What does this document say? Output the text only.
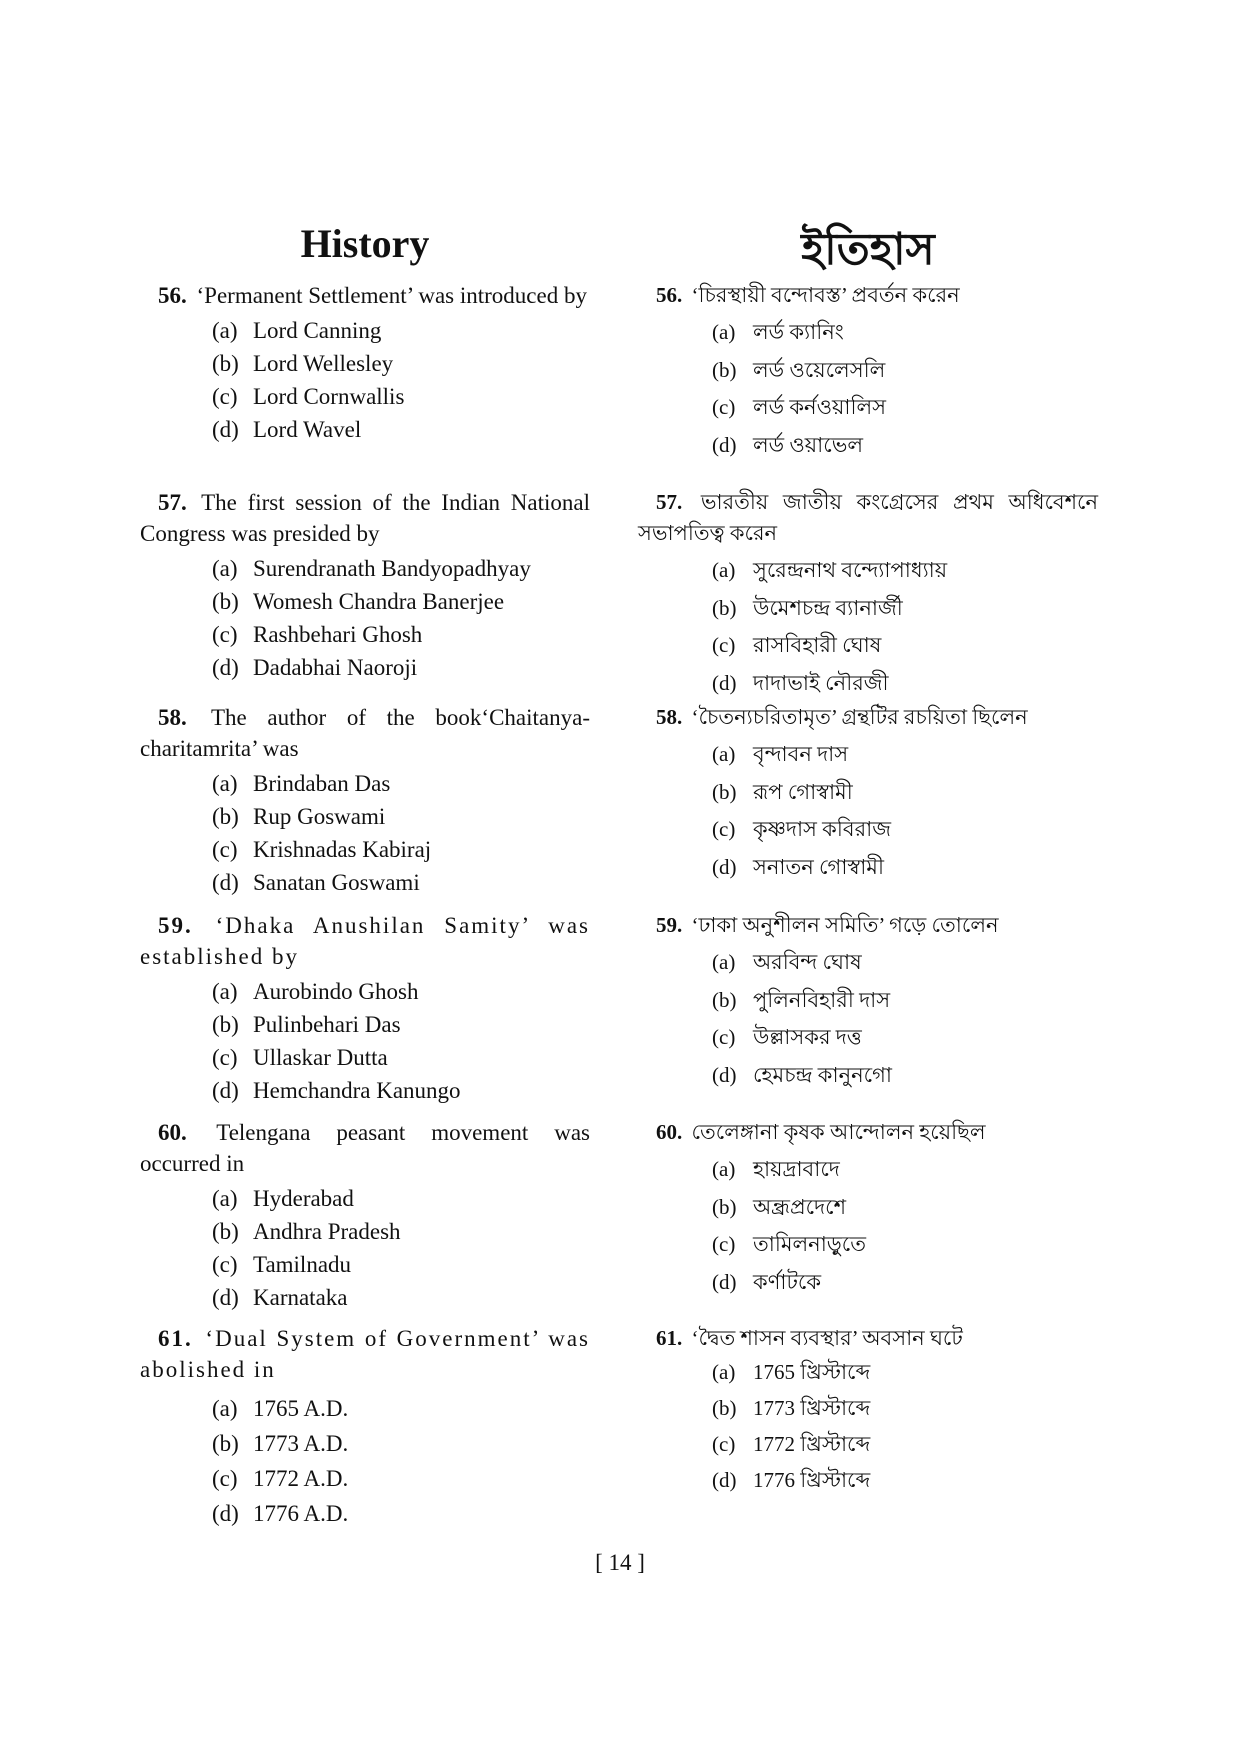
History

56. ‘Permanent Settlement’ was introduced by

(a) Lord Canning
(b) Lord Wellesley
(c) Lord Cornwallis
(d) Lord Wavel

57. The first session of the Indian National Congress was presided by

(a) Surendranath Bandyopadhyay
(b) Womesh Chandra Banerjee
(c) Rashbehari Ghosh
(d) Dadabhai Naoroji

58. The author of the book‘Chaitanya-charitamrita’ was

(a) Brindaban Das
(b) Rup Goswami
(c) Krishnadas Kabiraj
(d) Sanatan Goswami

59. ‘Dhaka Anushilan Samity’ was established by

(a) Aurobindo Ghosh
(b) Pulinbehari Das
(c) Ullaskar Dutta
(d) Hemchandra Kanungo

60. Telengana peasant movement was occurred in

(a) Hyderabad
(b) Andhra Pradesh
(c) Tamilnadu
(d) Karnataka

61. ‘Dual System of Government’ was abolished in

(a) 1765 A.D.
(b) 1773 A.D.
(c) 1772 A.D.
(d) 1776 A.D.
ইতিহাস

56. ‘চিরস্থায়ী বন্দোবস্ত’ প্রবর্তন করেন

(a) লর্ড ক্যানিং
(b) লর্ড ওয়েলেসলি
(c) লর্ড কর্নওয়ালিস
(d) লর্ড ওয়াভেল

57. ভারতীয় জাতীয় কংগ্রেসের প্রথম অধিবেশনে সভাপতিত্ব করেন

(a) সুরেন্দ্রনাথ বন্দ্যোপাধ্যায়
(b) উমেশচন্দ্র ব্যানার্জী
(c) রাসবিহারী ঘোষ
(d) দাদাভাই নৌরজী

58. ‘চৈতন্যচরিতামৃত’ গ্রন্থটির রচয়িতা ছিলেন

(a) বৃন্দাবন দাস
(b) রূপ গোস্বামী
(c) কৃষ্ণদাস কবিরাজ
(d) সনাতন গোস্বামী

59. ‘ঢাকা অনুশীলন সমিতি’ গড়ে তোলেন

(a) অরবিন্দ ঘোষ
(b) পুলিনবিহারী দাস
(c) উল্লাসকর দত্ত
(d) হেমচন্দ্র কানুনগো

60. তেলেঙ্গানা কৃষক আন্দোলন হয়েছিল

(a) হায়দ্রাবাদে
(b) অন্ধ্রপ্রদেশে
(c) তামিলনাড়ুতে
(d) কর্ণাটকে

61. ‘দ্বৈত শাসন ব্যবস্থার’ অবসান ঘটে

(a) 1765 খ্রিস্টাব্দে
(b) 1773 খ্রিস্টাব্দে
(c) 1772 খ্রিস্টাব্দে
(d) 1776 খ্রিস্টাব্দে
[ 14 ]
